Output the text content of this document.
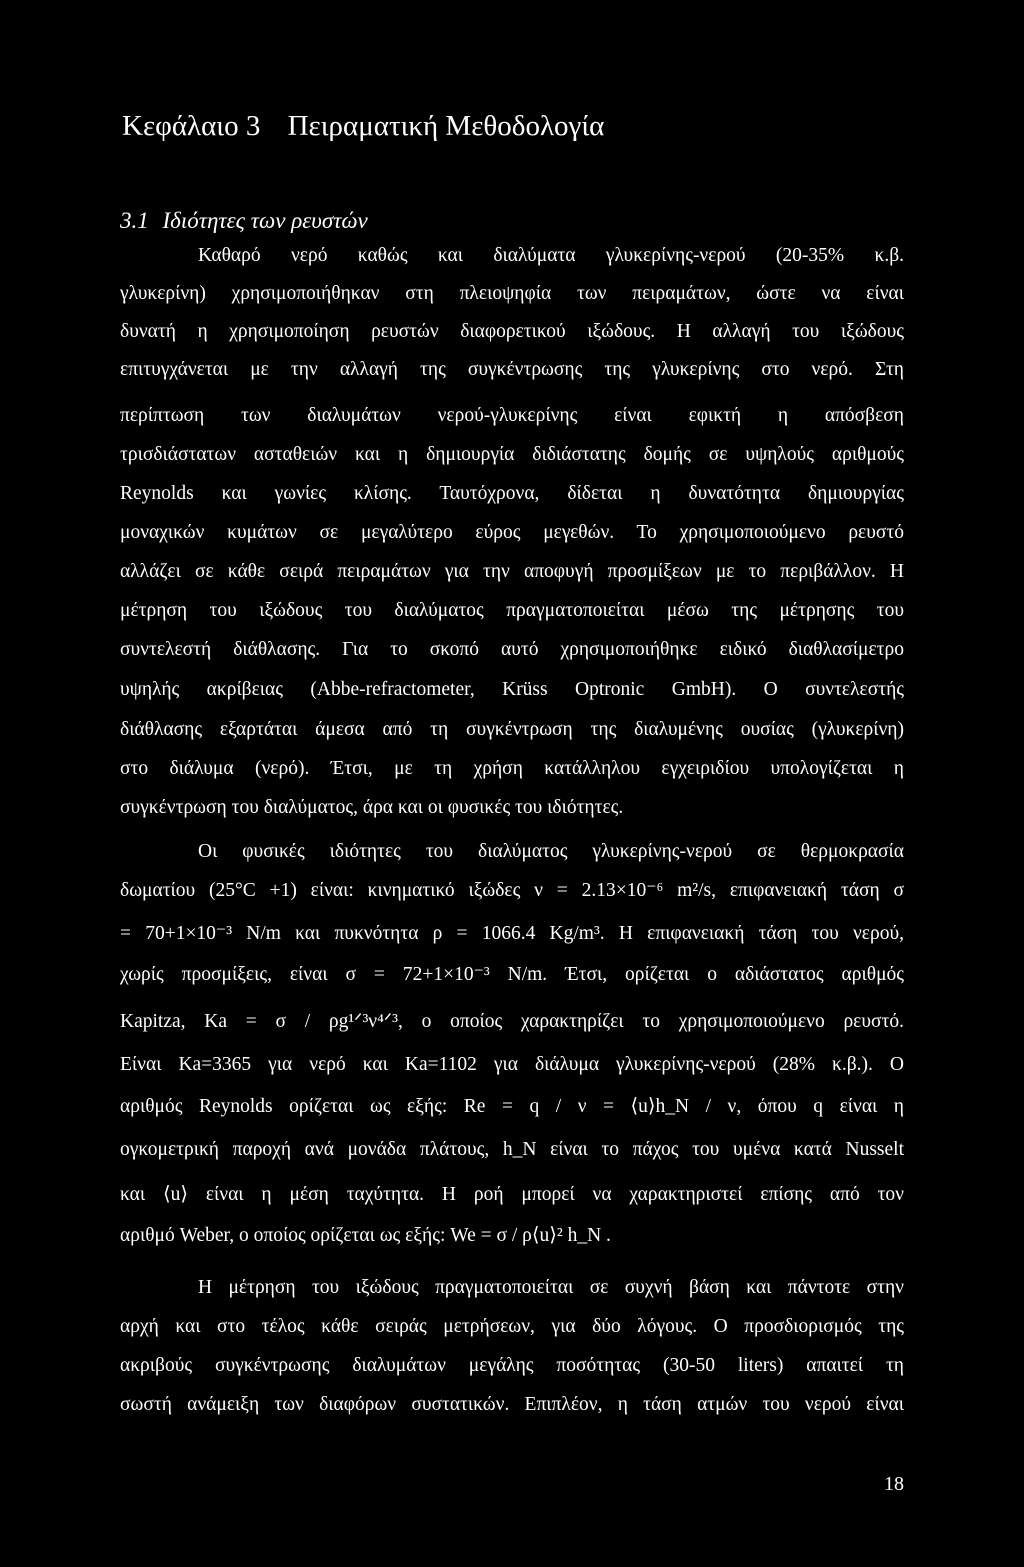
Κεφάλαιο 3 Πειραματική Μεθοδολογία
3.1 Ιδιότητες των ρευστών
Καθαρό νερό καθώς και διαλύματα γλυκερίνης-νερού (20-35% κ.β.
γλυκερίνη) χρησιμοποιήθηκαν στη πλειοψηφία των πειραμάτων, ώστε να είναι
δυνατή η χρησιμοποίηση ρευστών διαφορετικού ιξώδους. Η αλλαγή του ιξώδους
επιτυγχάνεται με την αλλαγή της συγκέντρωσης της γλυκερίνης στο νερό. Στη
περίπτωση των διαλυμάτων νερού-γλυκερίνης είναι εφικτή η απόσβεση
τρισδιάστατων ασταθειών και η δημιουργία διδιάστατης δομής σε υψηλούς αριθμούς
Reynolds και γωνίες κλίσης. Ταυτόχρονα, δίδεται η δυνατότητα δημιουργίας
μοναχικών κυμάτων σε μεγαλύτερο εύρος μεγεθών. Το χρησιμοποιούμενο ρευστό
αλλάζει σε κάθε σειρά πειραμάτων για την αποφυγή προσμίξεων με το περιβάλλον. Η
μέτρηση του ιξώδους του διαλύματος πραγματοποιείται μέσω της μέτρησης του
συντελεστή διάθλασης. Για το σκοπό αυτό χρησιμοποιήθηκε ειδικό διαθλασίμετρο
υψηλής ακρίβειας (Abbe-refractometer, Krüss Optronic GmbH). Ο συντελεστής
διάθλασης εξαρτάται άμεσα από τη συγκέντρωση της διαλυμένης ουσίας (γλυκερίνη)
στο διάλυμα (νερό). Έτσι, με τη χρήση κατάλληλου εγχειριδίου υπολογίζεται η
συγκέντρωση του διαλύματος, άρα και οι φυσικές του ιδιότητες.
Οι φυσικές ιδιότητες του διαλύματος γλυκερίνης-νερού σε θερμοκρασία
δωματίου (25°C +1) είναι: κινηματικό ιξώδες ν = 2.13×10⁻⁶ m²/s, επιφανειακή τάση σ
= 70+1×10⁻³ N/m και πυκνότητα ρ = 1066.4 Kg/m³. Η επιφανειακή τάση του νερού,
χωρίς προσμίξεις, είναι σ = 72+1×10⁻³ N/m. Έτσι, ορίζεται ο αδιάστατος αριθμός
Kapitza, Ka = σ / ρg¹ᐟ³ν⁴ᐟ³, ο οποίος χαρακτηρίζει το χρησιμοποιούμενο ρευστό.
Είναι Ka=3365 για νερό και Ka=1102 για διάλυμα γλυκερίνης-νερού (28% κ.β.). Ο
αριθμός Reynolds ορίζεται ως εξής: Re = q / ν = ⟨u⟩h_N / ν, όπου q είναι η
ογκομετρική παροχή ανά μονάδα πλάτους, h_N είναι το πάχος του υμένα κατά Nusselt
και ⟨u⟩ είναι η μέση ταχύτητα. Η ροή μπορεί να χαρακτηριστεί επίσης από τον
αριθμό Weber, ο οποίος ορίζεται ως εξής: We = σ / ρ⟨u⟩² h_N .
Η μέτρηση του ιξώδους πραγματοποιείται σε συχνή βάση και πάντοτε στην
αρχή και στο τέλος κάθε σειράς μετρήσεων, για δύο λόγους. Ο προσδιορισμός της
ακριβούς συγκέντρωσης διαλυμάτων μεγάλης ποσότητας (30-50 liters) απαιτεί τη
σωστή ανάμειξη των διαφόρων συστατικών. Επιπλέον, η τάση ατμών του νερού είναι
18
